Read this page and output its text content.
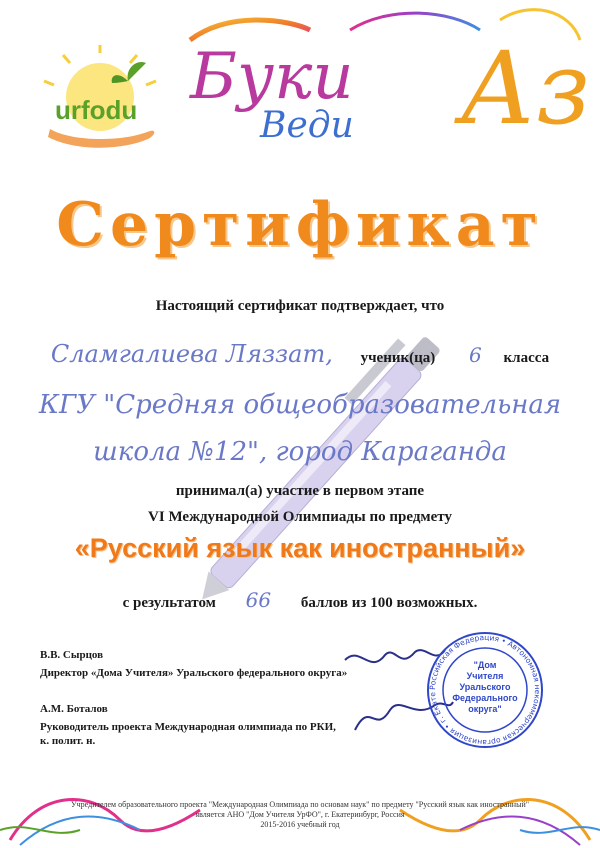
urfodu Буки
Веди Аз
Сертификат
Настоящий сертификат подтверждает, что
Сламгалиева Ляззат, ученик(ца) 6 класса
КГУ "Средняя общеобразовательная
школа №12", город Караганда
принимал(а) участие в первом этапе
VI Международной Олимпиады по предмету
«Русский язык как иностранный»
с результатом 66 баллов из 100 возможных.
В.В. Сырцов
Директор «Дома Учителя» Уральского федерального округа»
А.М. Боталов
Руководитель проекта Международная олимпиада по РКИ,
к. полит. н.
Российская Федерация • Автономная некоммерческая организация • г. Екате
"Дом
Учителя
Уральского
Федерального
округа"
Учредителем образовательного проекта "Международная Олимпиада по основам наук" по предмету "Русский язык как иностранный"
является АНО "Дом Учителя УрФО", г. Екатеринбург, Россия
2015-2016 учебный год
